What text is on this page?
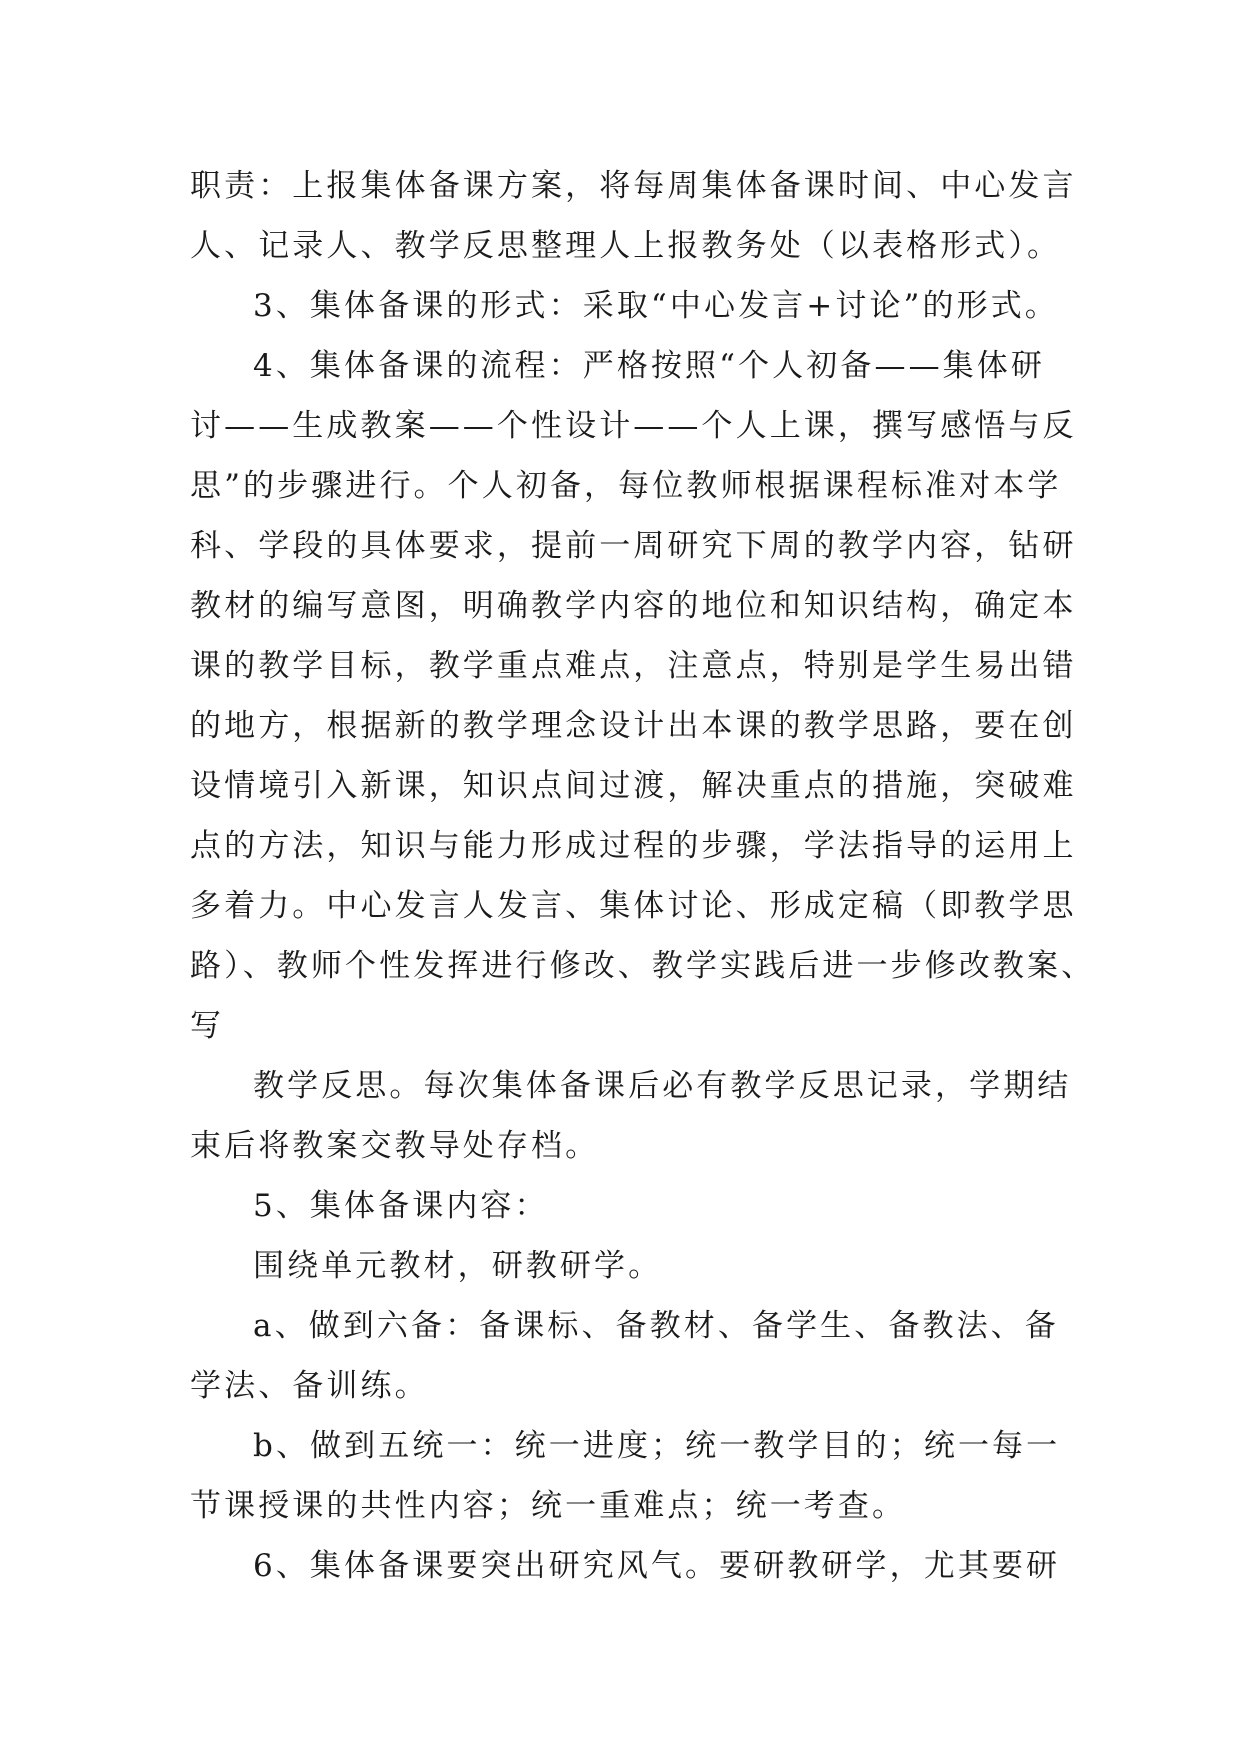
职责：上报集体备课方案，将每周集体备课时间、中心发言
人、记录人、教学反思整理人上报教务处（以表格形式）。
3、集体备课的形式：采取“中心发言+讨论”的形式。
4、集体备课的流程：严格按照“个人初备——集体研
讨——生成教案——个性设计——个人上课，撰写感悟与反
思”的步骤进行。个人初备，每位教师根据课程标准对本学
科、学段的具体要求，提前一周研究下周的教学内容，钻研
教材的编写意图，明确教学内容的地位和知识结构，确定本
课的教学目标，教学重点难点，注意点，特别是学生易出错
的地方，根据新的教学理念设计出本课的教学思路，要在创
设情境引入新课，知识点间过渡，解决重点的措施，突破难
点的方法，知识与能力形成过程的步骤，学法指导的运用上
多着力。中心发言人发言、集体讨论、形成定稿（即教学思
路）、教师个性发挥进行修改、教学实践后进一步修改教案、
写
教学反思。每次集体备课后必有教学反思记录，学期结
束后将教案交教导处存档。
5、集体备课内容：
围绕单元教材，研教研学。
a、做到六备：备课标、备教材、备学生、备教法、备
学法、备训练。
b、做到五统一：统一进度；统一教学目的；统一每一
节课授课的共性内容；统一重难点；统一考查。
6、集体备课要突出研究风气。要研教研学，尤其要研
